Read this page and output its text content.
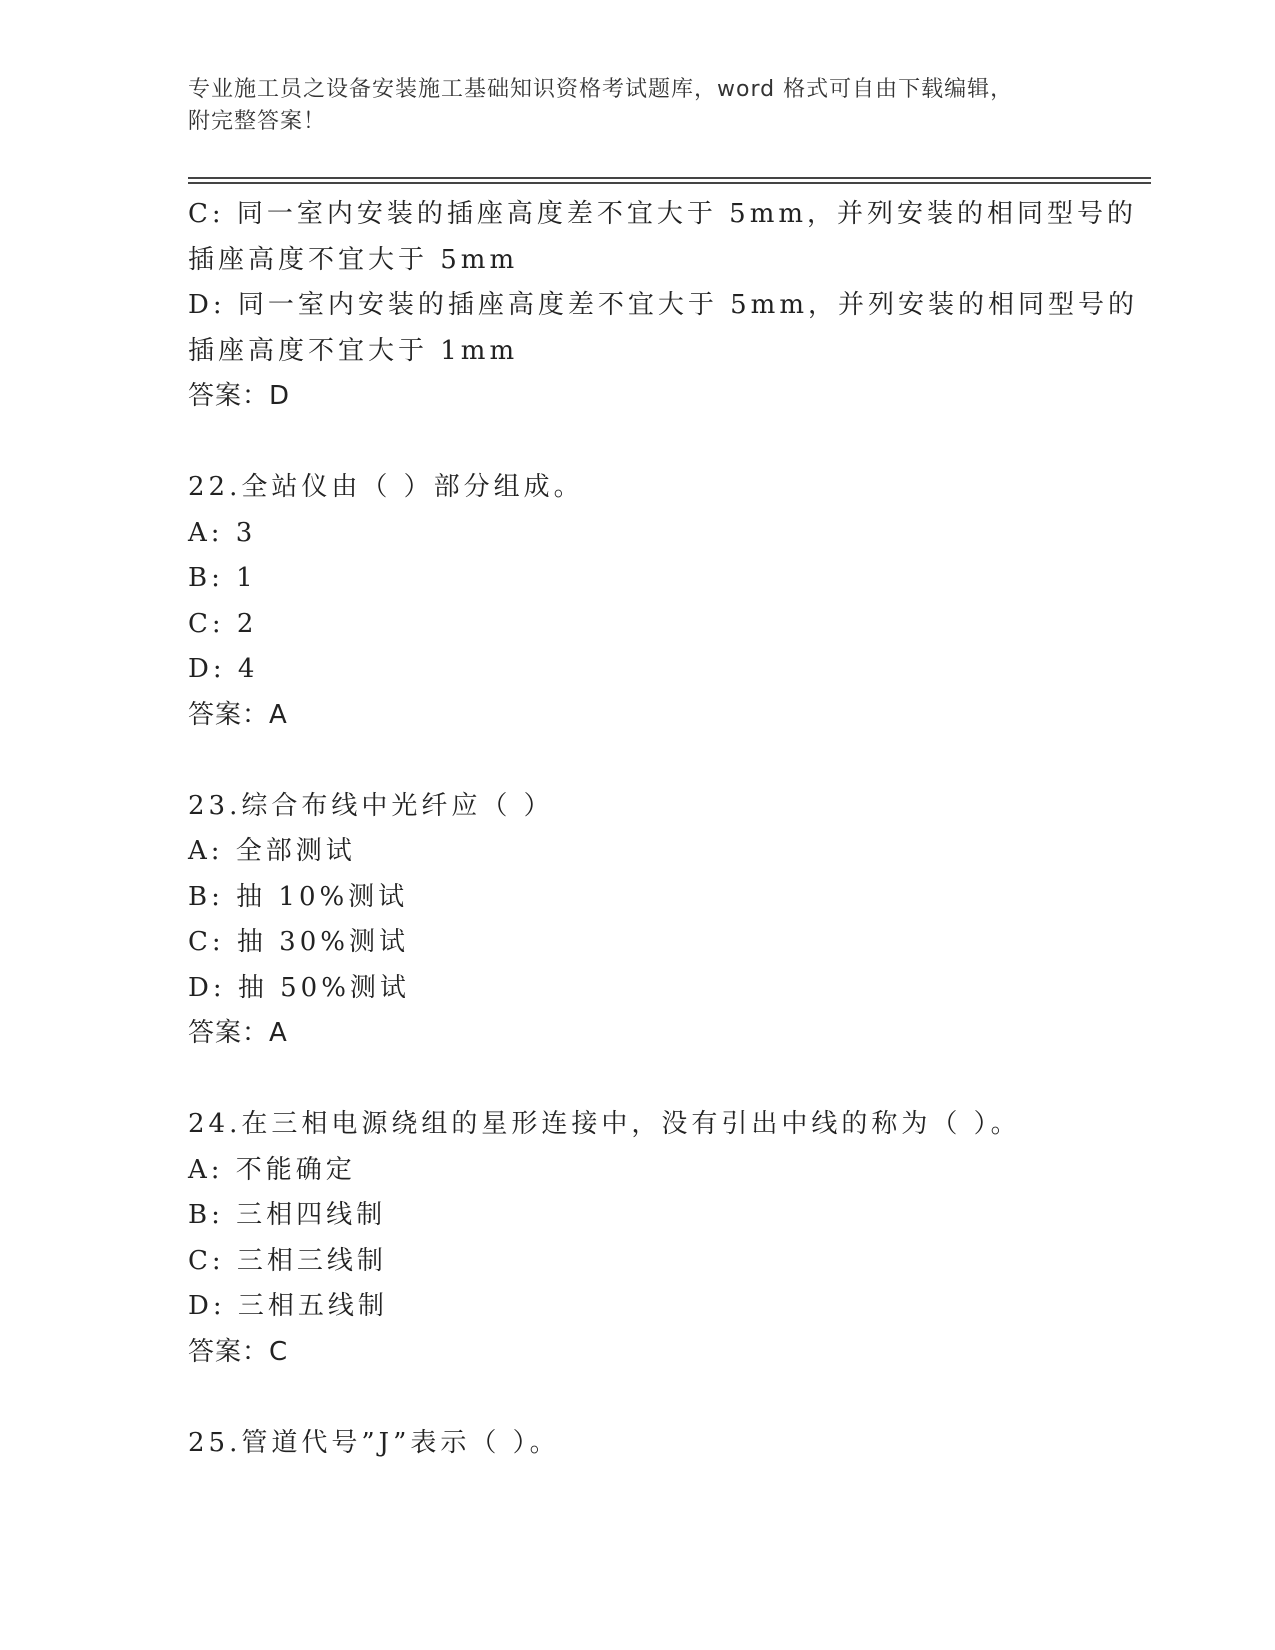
专业施工员之设备安装施工基础知识资格考试题库，word 格式可自由下载编辑，
附完整答案！
C: 同一室内安装的插座高度差不宜大于 5mm，并列安装的相同型号的
插座高度不宜大于 5mm
D: 同一室内安装的插座高度差不宜大于 5mm，并列安装的相同型号的
插座高度不宜大于 1mm
答案：D
22.全站仪由（ ）部分组成。
A: 3
B: 1
C: 2
D: 4
答案：A
23.综合布线中光纤应（ ）
A: 全部测试
B: 抽 10%测试
C: 抽 30%测试
D: 抽 50%测试
答案：A
24.在三相电源绕组的星形连接中，没有引出中线的称为（ ）。
A: 不能确定
B: 三相四线制
C: 三相三线制
D: 三相五线制
答案：C
25.管道代号”J”表示（ ）。
